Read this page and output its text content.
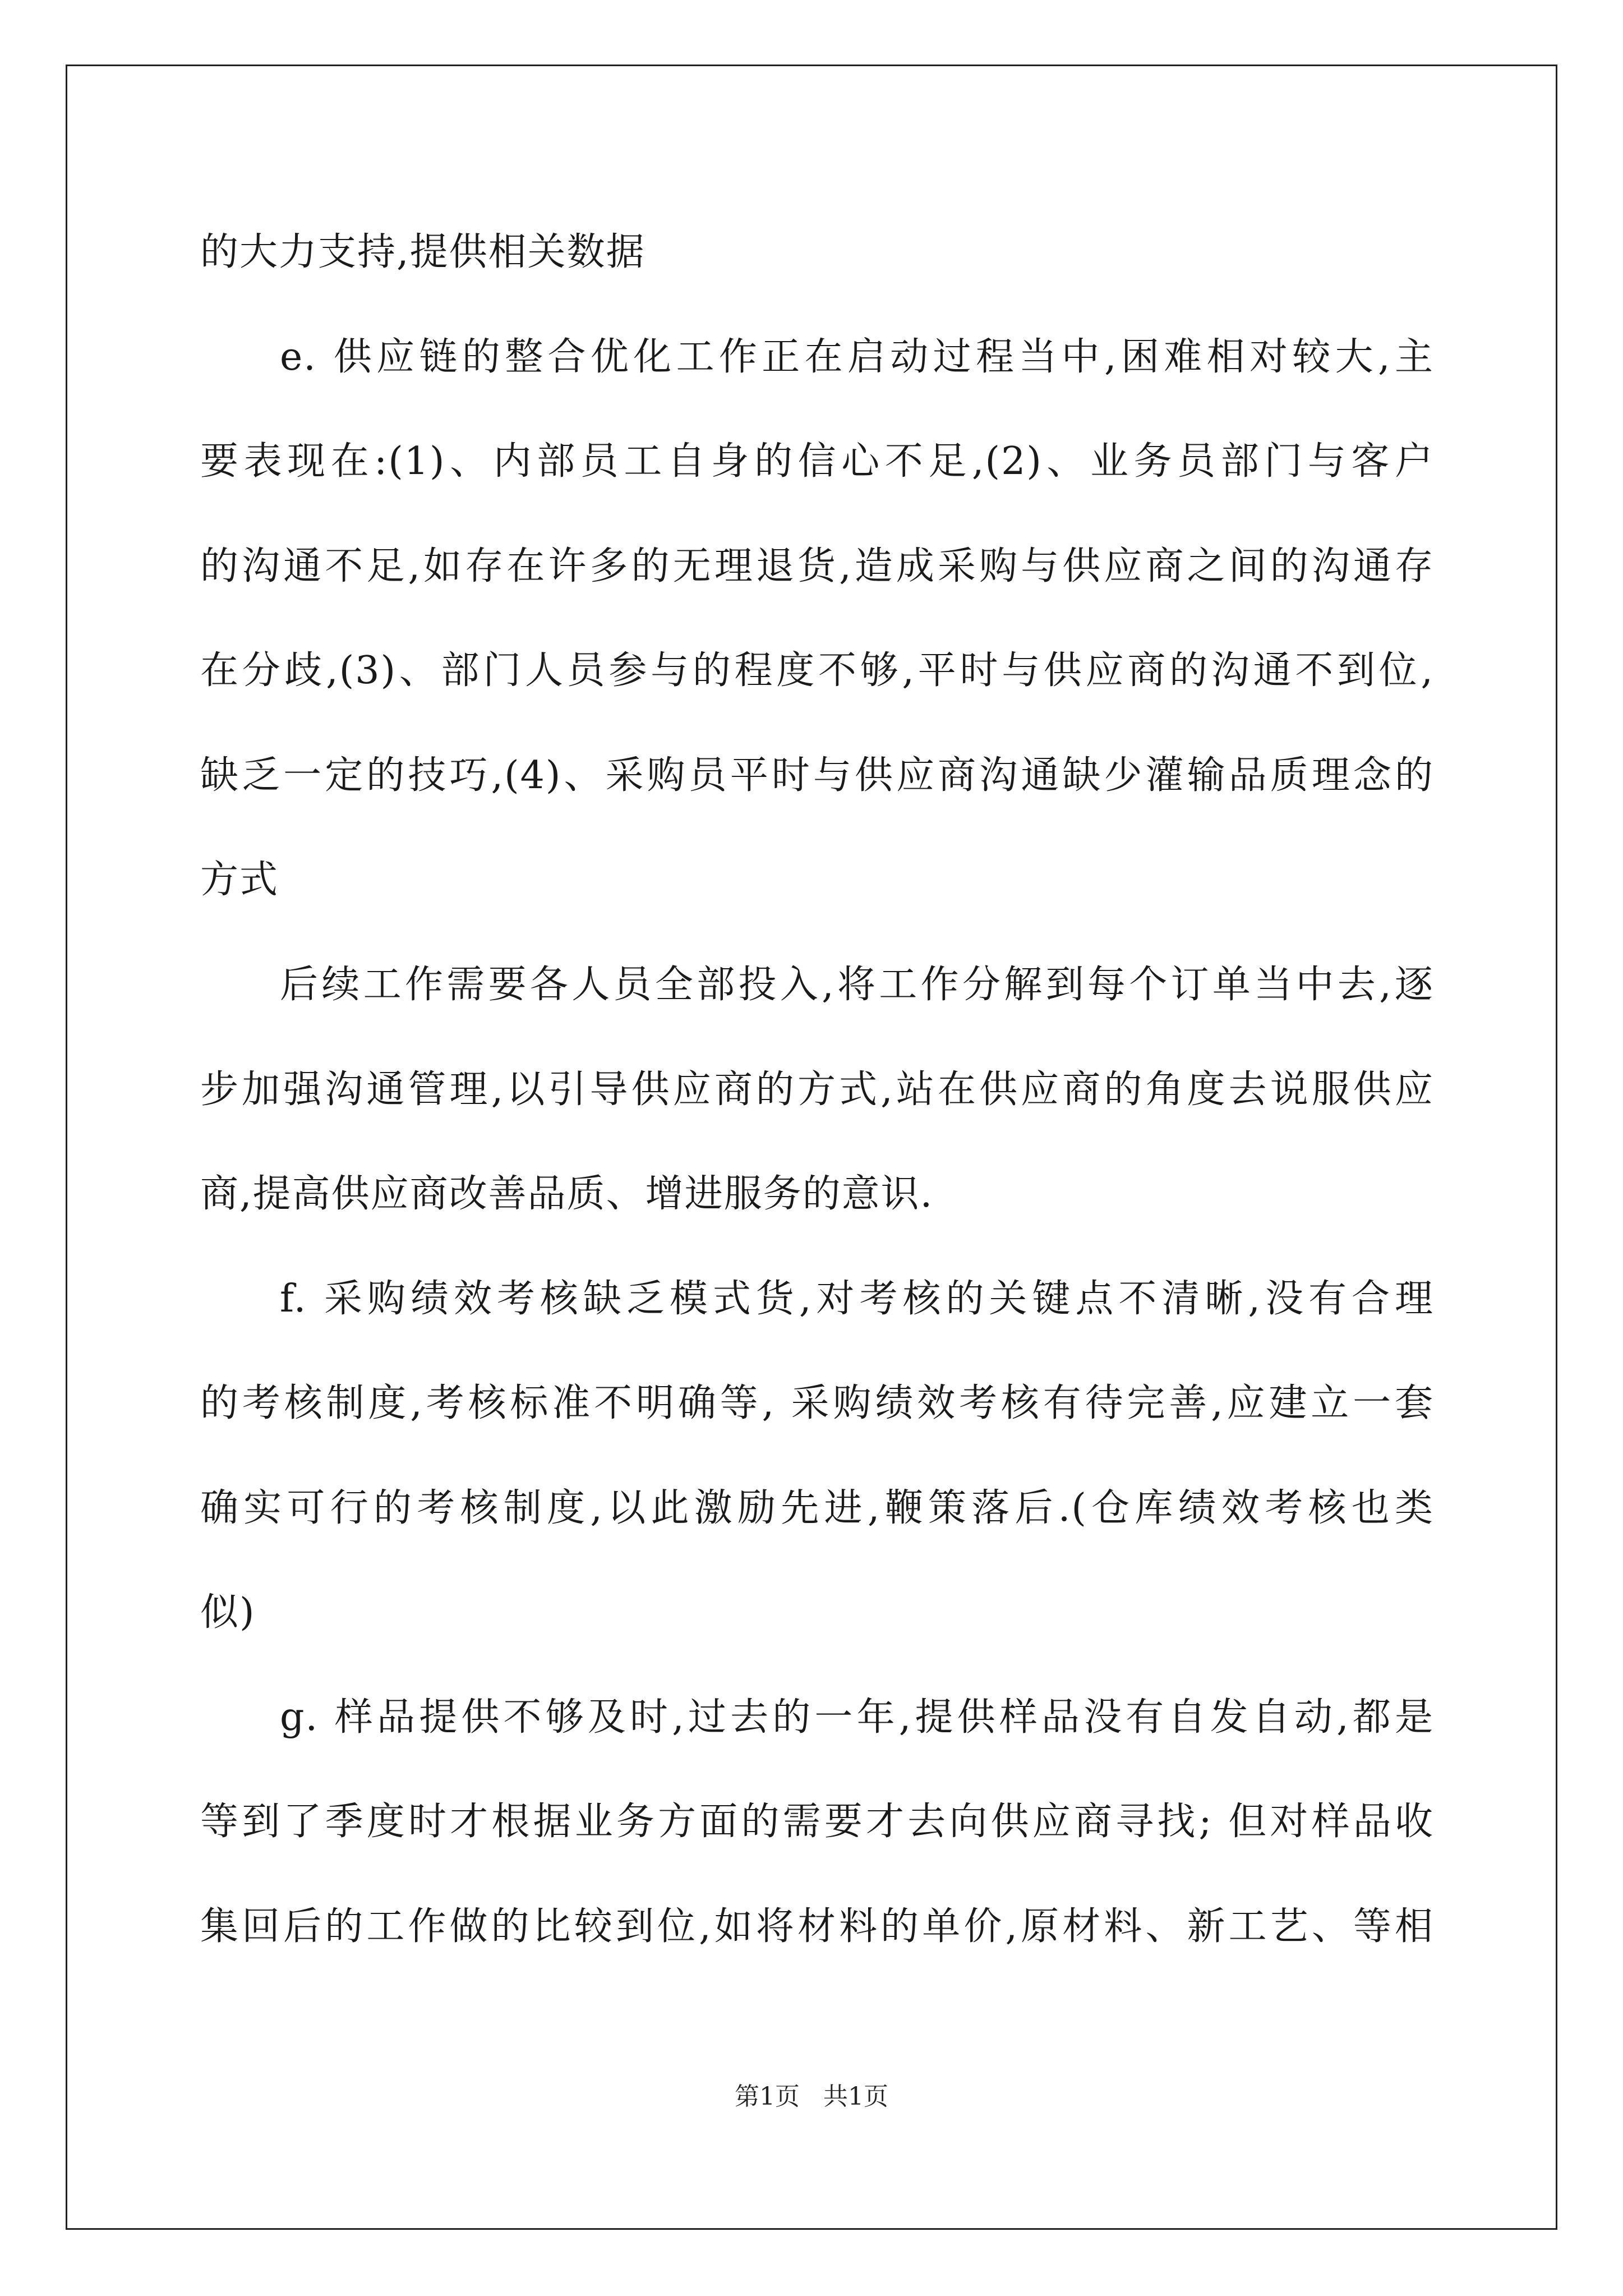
的大力支持,提供相关数据
e. 供应链的整合优化工作正在启动过程当中,困难相对较大,主
要表现在:(1)、内部员工自身的信心不足,(2)、业务员部门与客户
的沟通不足,如存在许多的无理退货,造成采购与供应商之间的沟通存
在分歧,(3)、部门人员参与的程度不够,平时与供应商的沟通不到位,
缺乏一定的技巧,(4)、采购员平时与供应商沟通缺少灌输品质理念的
方式
后续工作需要各人员全部投入,将工作分解到每个订单当中去,逐
步加强沟通管理,以引导供应商的方式,站在供应商的角度去说服供应
商,提高供应商改善品质、增进服务的意识.
f. 采购绩效考核缺乏模式货,对考核的关键点不清晰,没有合理
的考核制度,考核标准不明确等, 采购绩效考核有待完善,应建立一套
确实可行的考核制度,以此激励先进,鞭策落后.(仓库绩效考核也类
似)
g. 样品提供不够及时,过去的一年,提供样品没有自发自动,都是
等到了季度时才根据业务方面的需要才去向供应商寻找; 但对样品收
集回后的工作做的比较到位,如将材料的单价,原材料、新工艺、等相
第1页 共1页
